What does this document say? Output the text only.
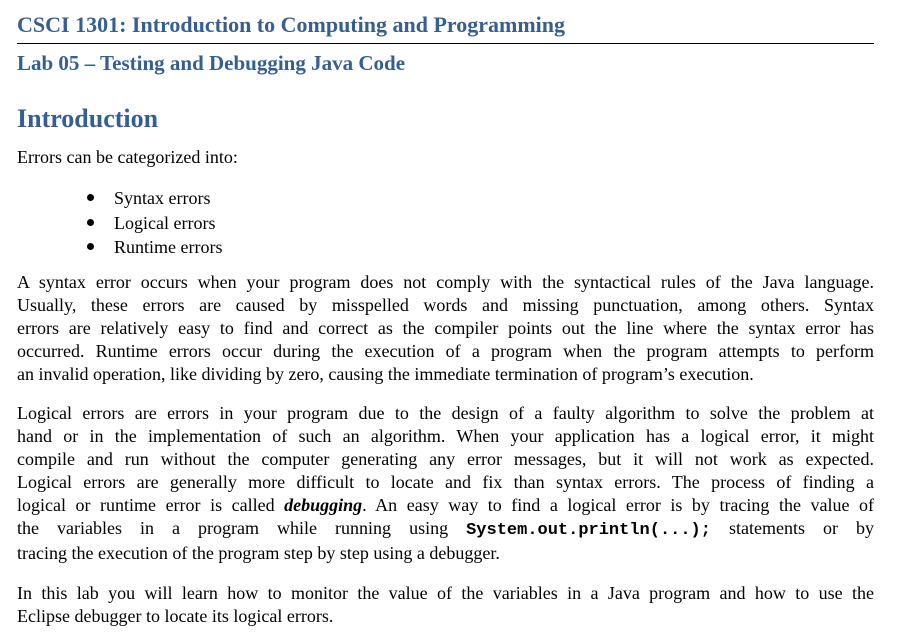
CSCI 1301: Introduction to Computing and Programming
Lab 05 – Testing and Debugging Java Code
Introduction
Errors can be categorized into:
Syntax errors
Logical errors
Runtime errors

A syntax error occurs when your program does not comply with the syntactical rules of the Java language.
Usually, these errors are caused by misspelled words and missing punctuation, among others. Syntax
errors are relatively easy to find and correct as the compiler points out the line where the syntax error has
occurred. Runtime errors occur during the execution of a program when the program attempts to perform
an invalid operation, like dividing by zero, causing the immediate termination of program’s execution.

Logical errors are errors in your program due to the design of a faulty algorithm to solve the problem at
hand or in the implementation of such an algorithm. When your application has a logical error, it might
compile and run without the computer generating any error messages, but it will not work as expected.
Logical errors are generally more difficult to locate and fix than syntax errors. The process of finding a
logical or runtime error is called debugging. An easy way to find a logical error is by tracing the value of
the variables in a program while running using System.out.println(...); statements or by
tracing the execution of the program step by step using a debugger.

In this lab you will learn how to monitor the value of the variables in a Java program and how to use the
Eclipse debugger to locate its logical errors.
